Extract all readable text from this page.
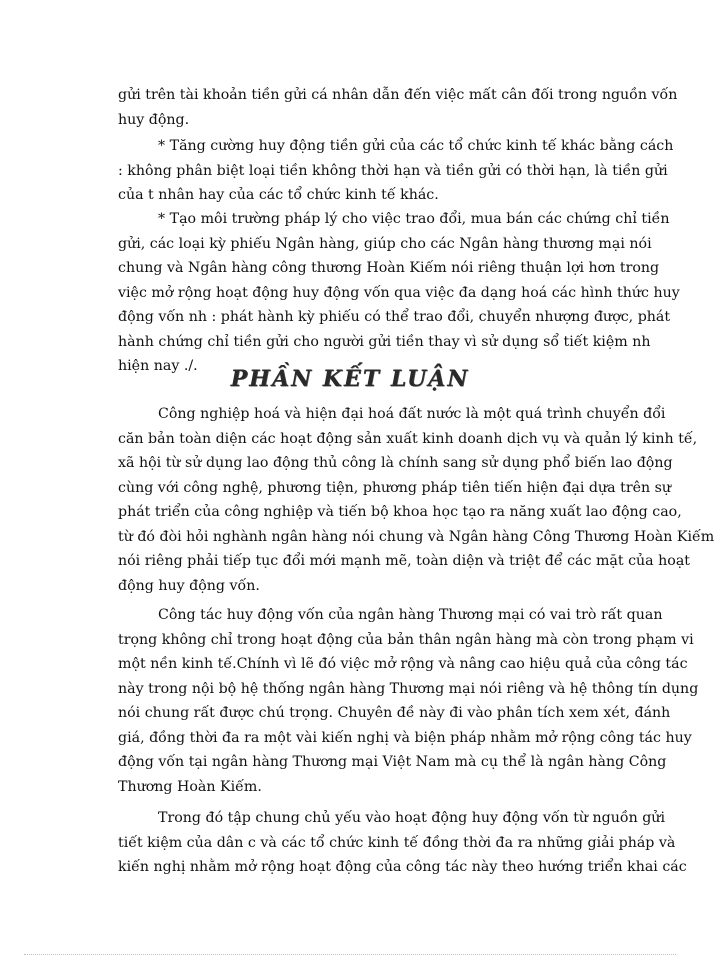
gửi trên tài khoản tiền gửi cá nhân dẫn đến việc mất cân đối trong nguồn vốn
huy động.
* Tăng cường huy động tiền gửi của các tổ chức kinh tế khác bằng cách
: không phân biệt loại tiền không thời hạn và tiền gửi có thời hạn, là tiền gửi
của t nhân hay của các tổ chức kinh tế khác.
* Tạo môi trường pháp lý cho việc trao đổi, mua bán các chứng chỉ tiền
gửi, các loại kỳ phiếu Ngân hàng, giúp cho các Ngân hàng thương mại nói
chung và Ngân hàng công thương Hoàn Kiếm nói riêng thuận lợi hơn trong
việc mở rộng hoạt động huy động vốn qua việc đa dạng hoá các hình thức huy
động vốn nh : phát hành kỳ phiếu có thể trao đổi, chuyển nhượng được, phát
hành chứng chỉ tiền gửi cho người gửi tiền thay vì sử dụng sổ tiết kiệm nh
hiện nay ./.	PHẦN KẾT LUẬN
Công nghiệp hoá và hiện đại hoá đất nước là một quá trình chuyển đổi
căn bản toàn diện các hoạt động sản xuất kinh doanh dịch vụ và quản lý kinh tế,
xã hội từ sử dụng lao động thủ công là chính sang sử dụng phổ biến lao động
cùng với công nghệ, phương tiện, phương pháp tiên tiến hiện đại dựa trên sự
phát triển của công nghiệp và tiến bộ khoa học tạo ra năng xuất lao động cao,
từ đó đòi hỏi nghành ngân hàng nói chung và Ngân hàng Công Thương Hoàn Kiếm
nói riêng phải tiếp tục đổi mới mạnh mẽ, toàn diện và triệt để các mặt của hoạt
động huy động vốn.
Công tác huy động vốn của ngân hàng Thương mại có vai trò rất quan
trọng không chỉ trong hoạt động của bản thân ngân hàng mà còn trong phạm vi
một nền kinh tế.Chính vì lẽ đó việc mở rộng và nâng cao hiệu quả của công tác
này trong nội bộ hệ thống ngân hàng Thương mại nói riêng và hệ thông tín dụng
nói chung rất được chú trọng. Chuyên đề này đi vào phân tích xem xét, đánh
giá, đồng thời đa ra một vài kiến nghị và biện pháp nhằm mở rộng công tác huy
động vốn tại ngân hàng Thương mại Việt Nam mà cụ thể là ngân hàng Công
Thương Hoàn Kiếm.
Trong đó tập chung chủ yếu vào hoạt động huy động vốn từ nguồn gửi
tiết kiệm của dân c và các tổ chức kinh tế đồng thời đa ra những giải pháp và
kiến nghị nhằm mở rộng hoạt động của công tác này theo hướng triển khai các
